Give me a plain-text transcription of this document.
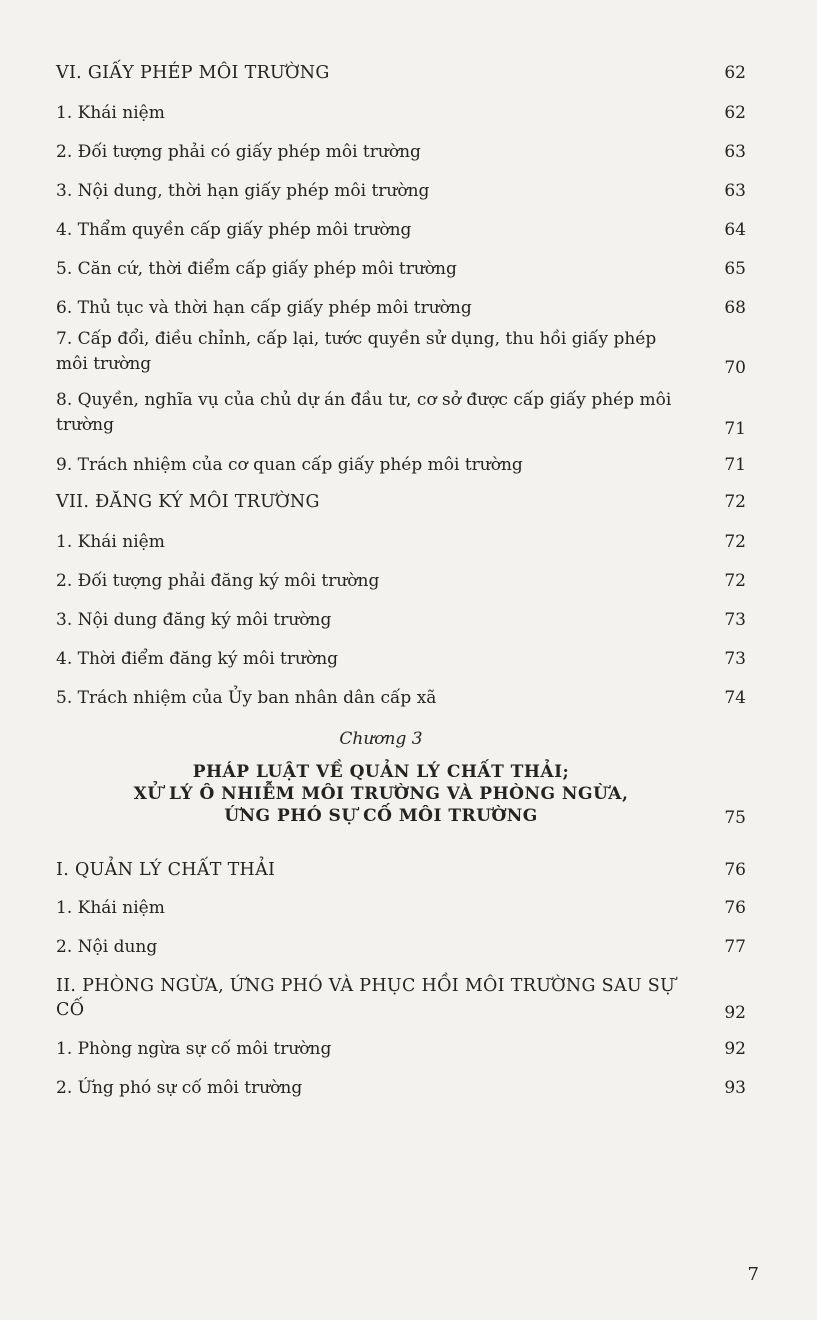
VI. GIẤY PHÉP MÔI TRƯỜNG	62
1. Khái niệm	62
2. Đối tượng phải có giấy phép môi trường	63
3. Nội dung, thời hạn giấy phép môi trường	63
4. Thẩm quyền cấp giấy phép môi trường	64
5. Căn cứ, thời điểm cấp giấy phép môi trường	65
6. Thủ tục và thời hạn cấp giấy phép môi trường	68
7. Cấp đổi, điều chỉnh, cấp lại, tước quyền sử dụng, thu hồi giấy phép môi trường	70
8. Quyền, nghĩa vụ của chủ dự án đầu tư, cơ sở được cấp giấy phép môi trường	71
9. Trách nhiệm của cơ quan cấp giấy phép môi trường	71
VII. ĐĂNG KÝ MÔI TRƯỜNG	72
1. Khái niệm	72
2. Đối tượng phải đăng ký môi trường	72
3. Nội dung đăng ký môi trường	73
4. Thời điểm đăng ký môi trường	73
5. Trách nhiệm của Ủy ban nhân dân cấp xã	74
Chương 3
PHÁP LUẬT VỀ QUẢN LÝ CHẤT THẢI;
XỬ LÝ Ô NHIỄM MÔI TRƯỜNG VÀ PHÒNG NGỪA,
ỨNG PHÓ SỰ CỐ MÔI TRƯỜNG	75
I. QUẢN LÝ CHẤT THẢI	76
1. Khái niệm	76
2. Nội dung	77
II. PHÒNG NGỪA, ỨNG PHÓ VÀ PHỤC HỒI MÔI TRƯỜNG SAU SỰ CỐ	92
1. Phòng ngừa sự cố môi trường	92
2. Ứng phó sự cố môi trường	93
7
